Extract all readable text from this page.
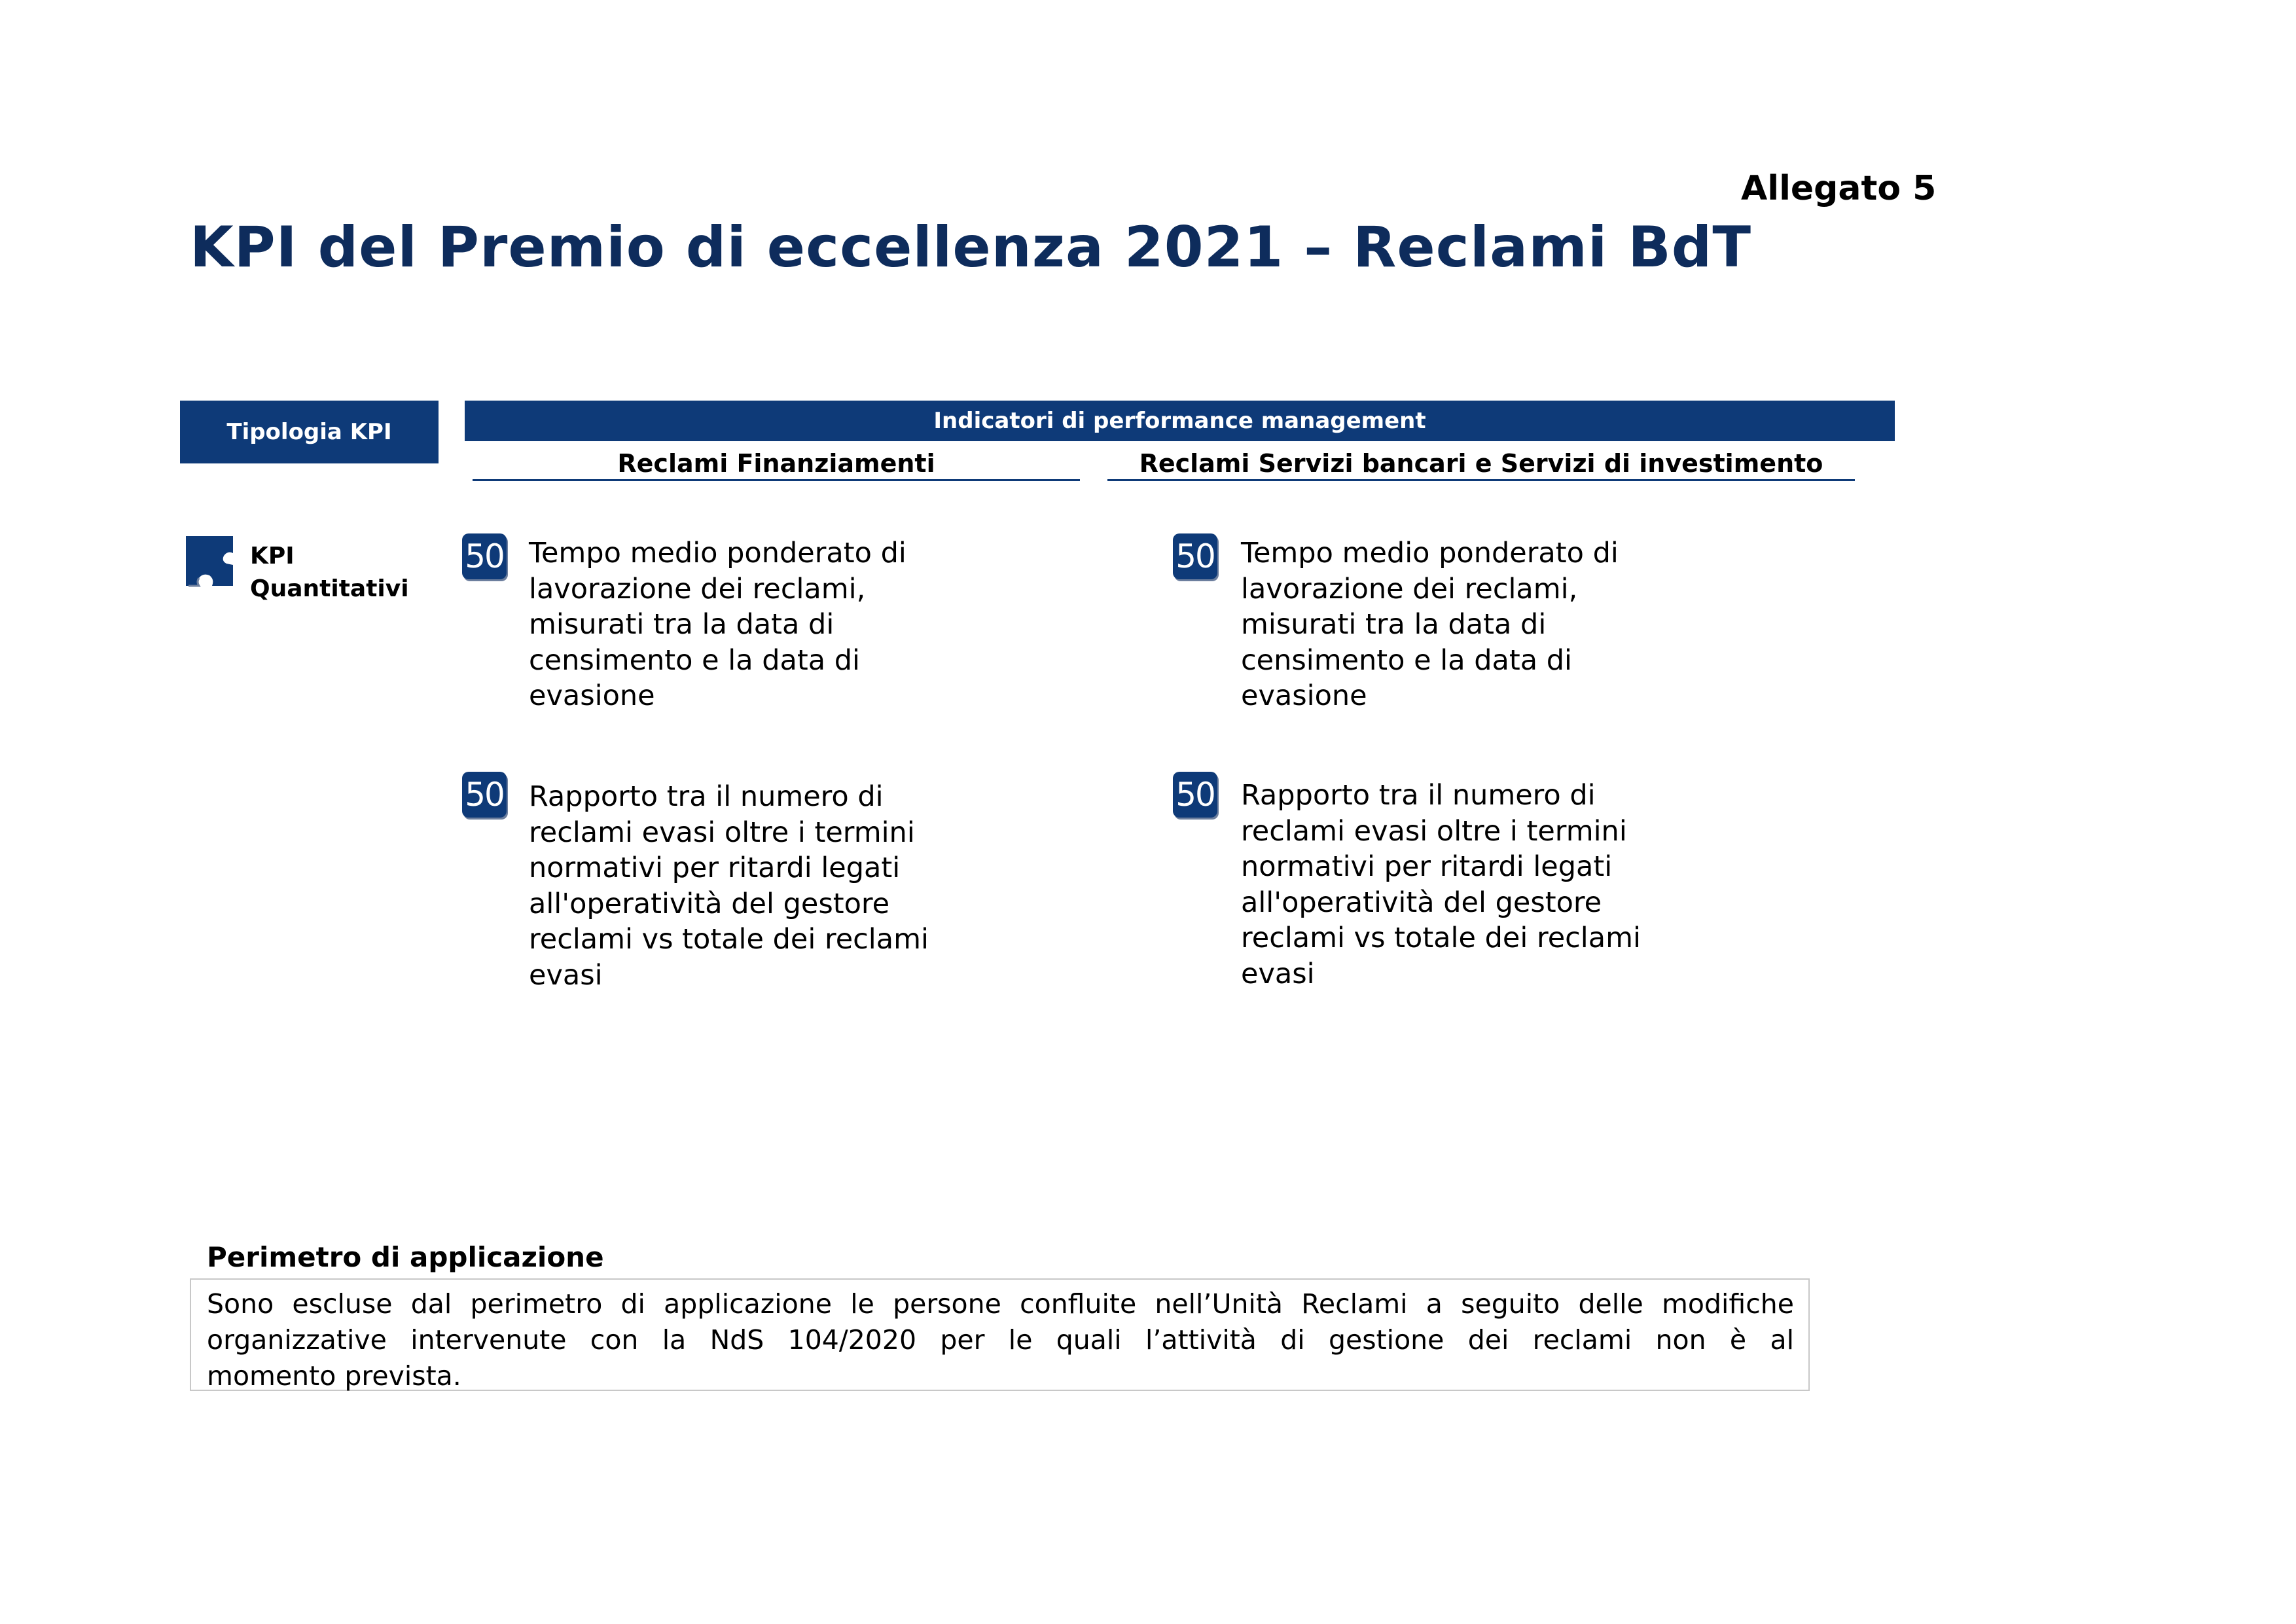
Allegato 5
KPI del Premio di eccellenza 2021 – Reclami BdT
Tipologia KPI	Indicatori di performance management
Reclami Finanziamenti	Reclami Servizi bancari e Servizi di investimento
KPI
Quantitativi
50 Tempo medio ponderato di
lavorazione dei reclami,
misurati tra la data di
censimento e la data di
evasione
50 Tempo medio ponderato di
lavorazione dei reclami,
misurati tra la data di
censimento e la data di
evasione
50 Rapporto tra il numero di
reclami evasi oltre i termini
normativi per ritardi legati
all'operatività del gestore
reclami vs totale dei reclami
evasi
50 Rapporto tra il numero di
reclami evasi oltre i termini
normativi per ritardi legati
all'operatività del gestore
reclami vs totale dei reclami
evasi
Perimetro di applicazione
Sono escluse dal perimetro di applicazione le persone confluite nell’Unità Reclami a seguito delle modifiche
organizzative intervenute con la NdS 104/2020 per le quali l’attività di gestione dei reclami non è al
momento prevista.
